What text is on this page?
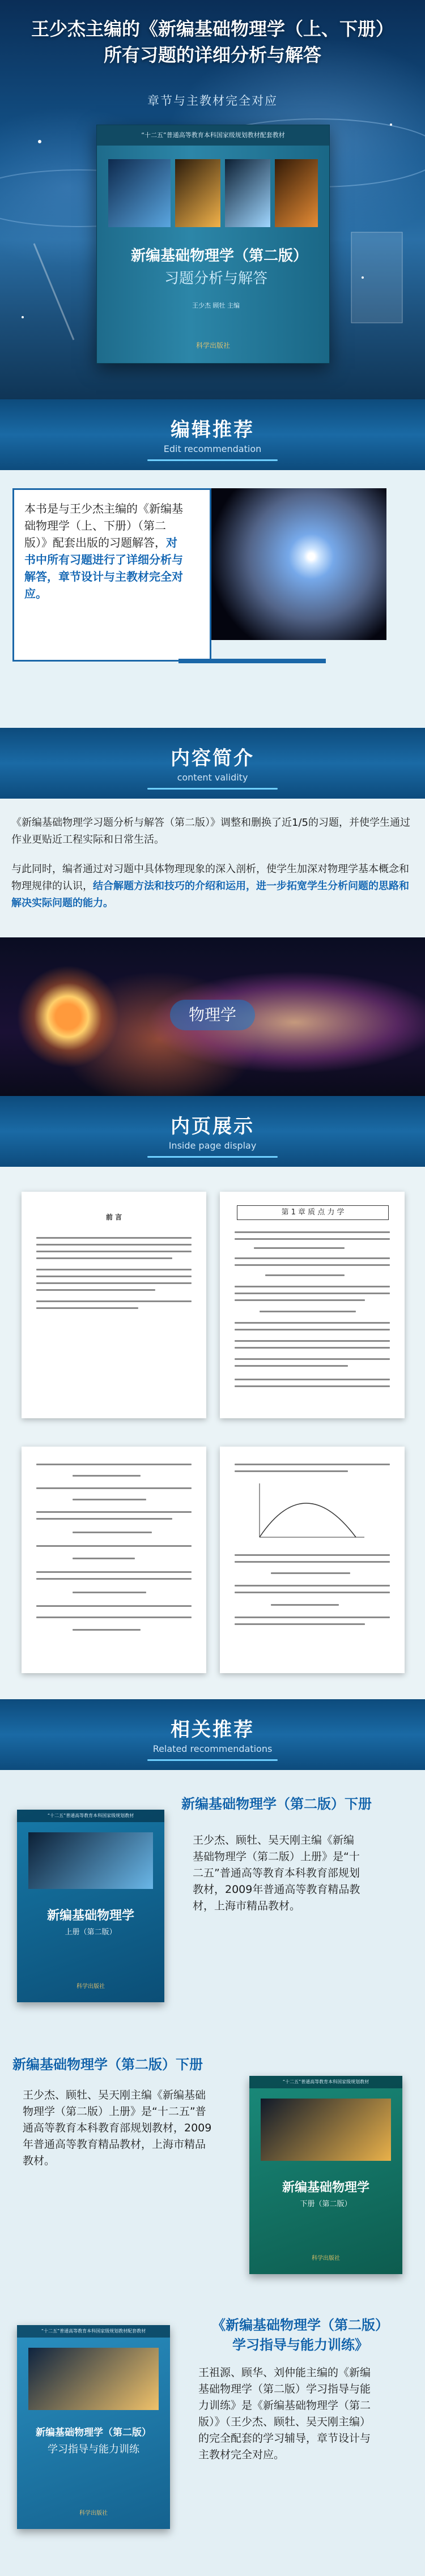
王少杰主编的《新编基础物理学（上、下册）
所有习题的详细分析与解答
章节与主教材完全对应
“十二五”普通高等教育本科国家级规划教材配套教材
新编基础物理学（第二版）
习题分析与解答
王少杰 顾牡 主编
科学出版社
编辑推荐
Edit recommendation

本书是与王少杰主编的《新编基础物理学（上、下册）（第二版）》配套出版的习题解答，对书中所有习题进行了详细分析与解答，章节设计与主教材完全对应。

内容简介
content validity

《新编基础物理学习题分析与解答（第二版）》调整和删换了近1/5的习题，并使学生通过作业更贴近工程实际和日常生活。

与此同时，编者通过对习题中具体物理现象的深入剖析，使学生加深对物理学基本概念和物理规律的认识，结合解题方法和技巧的介绍和运用，进一步拓宽学生分析问题的思路和解决实际问题的能力。

物理学
内页展示
Inside page display
前 言
第 1 章 质 点 力 学
相关推荐
Related recommendations
“十二五”普通高等教育本科国家级规划教材
新编基础物理学
上册（第二版）
科学出版社
新编基础物理学（第二版）下册
王少杰、顾牡、吴天刚主编《新编基础物理学（第二版）上册》是“十二五”普通高等教育本科教育部规划教材，2009年普通高等教育精品教材，上海市精品教材。
新编基础物理学（第二版）下册
王少杰、顾牡、吴天刚主编《新编基础物理学（第二版）上册》是“十二五”普通高等教育本科教育部规划教材，2009年普通高等教育精品教材，上海市精品教材。
“十二五”普通高等教育本科国家级规划教材
新编基础物理学
下册（第二版）
科学出版社
“十二五”普通高等教育本科国家级规划教材配套教材
新编基础物理学（第二版）
学习指导与能力训练
科学出版社
《新编基础物理学（第二版）
学习指导与能力训练》
王祖源、顾华、刘仲能主编的《新编基础物理学（第二版）学习指导与能力训练》是《新编基础物理学（第二版）》（王少杰、顾牡、吴天刚主编）的完全配套的学习辅导，章节设计与主教材完全对应。
